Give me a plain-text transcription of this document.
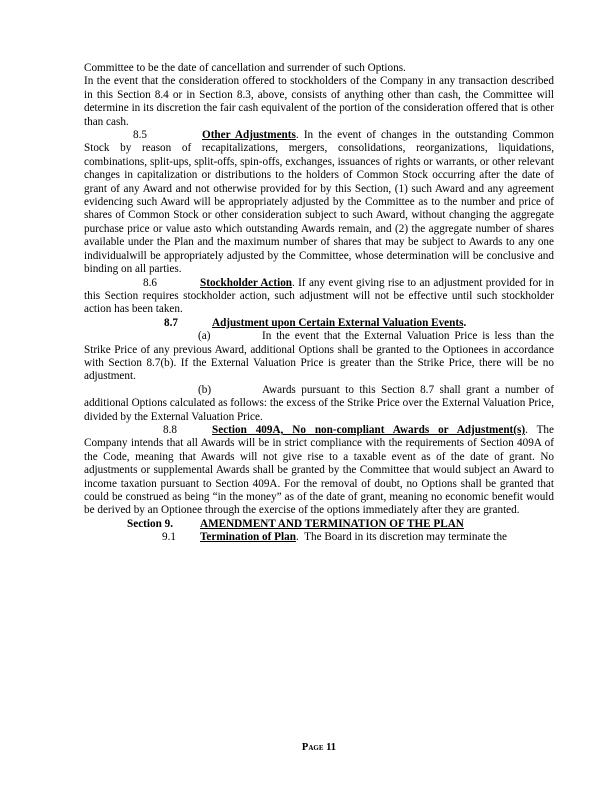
Committee to be the date of cancellation and surrender of such Options.

In the event that the consideration offered to stockholders of the Company in any transaction described in this Section 8.4 or in Section 8.3, above, consists of anything other than cash, the Committee will determine in its discretion the fair cash equivalent of the portion of the consideration offered that is other than cash.

8.5	Other Adjustments. In the event of changes in the outstanding Common Stock by reason of recapitalizations, mergers, consolidations, reorganizations, liquidations, combinations, split-ups, split-offs, spin-offs, exchanges, issuances of rights or warrants, or other relevant changes in capitalization or distributions to the holders of Common Stock occurring after the date of grant of any Award and not otherwise provided for by this Section, (1) such Award and any agreement evidencing such Award will be appropriately adjusted by the Committee as to the number and price of shares of Common Stock or other consideration subject to such Award, without changing the aggregate purchase price or value asto which outstanding Awards remain, and (2) the aggregate number of shares available under the Plan and the maximum number of shares that may be subject to Awards to any one individualwill be appropriately adjusted by the Committee, whose determination will be conclusive and binding on all parties.

8.6	Stockholder Action. If any event giving rise to an adjustment provided for in this Section requires stockholder action, such adjustment will not be effective until such stockholder action has been taken.

8.7	Adjustment upon Certain External Valuation Events.

(a)	In the event that the External Valuation Price is less than the Strike Price of any previous Award, additional Options shall be granted to the Optionees in accordance with Section 8.7(b). If the External Valuation Price is greater than the Strike Price, there will be no adjustment.

(b)	Awards pursuant to this Section 8.7 shall grant a number of additional Options calculated as follows: the excess of the Strike Price over the External Valuation Price, divided by the External Valuation Price.

8.8	Section 409A, No non-compliant Awards or Adjustment(s). The Company intends that all Awards will be in strict compliance with the requirements of Section 409A of the Code, meaning that Awards will not give rise to a taxable event as of the date of grant. No adjustments or supplemental Awards shall be granted by the Committee that would subject an Award to income taxation pursuant to Section 409A. For the removal of doubt, no Options shall be granted that could be construed as being “in the money” as of the date of grant, meaning no economic benefit would be derived by an Optionee through the exercise of the options immediately after they are granted.

Section 9. AMENDMENT AND TERMINATION OF THE PLAN

9.1 Termination of Plan.  The Board in its discretion may terminate the

Page 11
